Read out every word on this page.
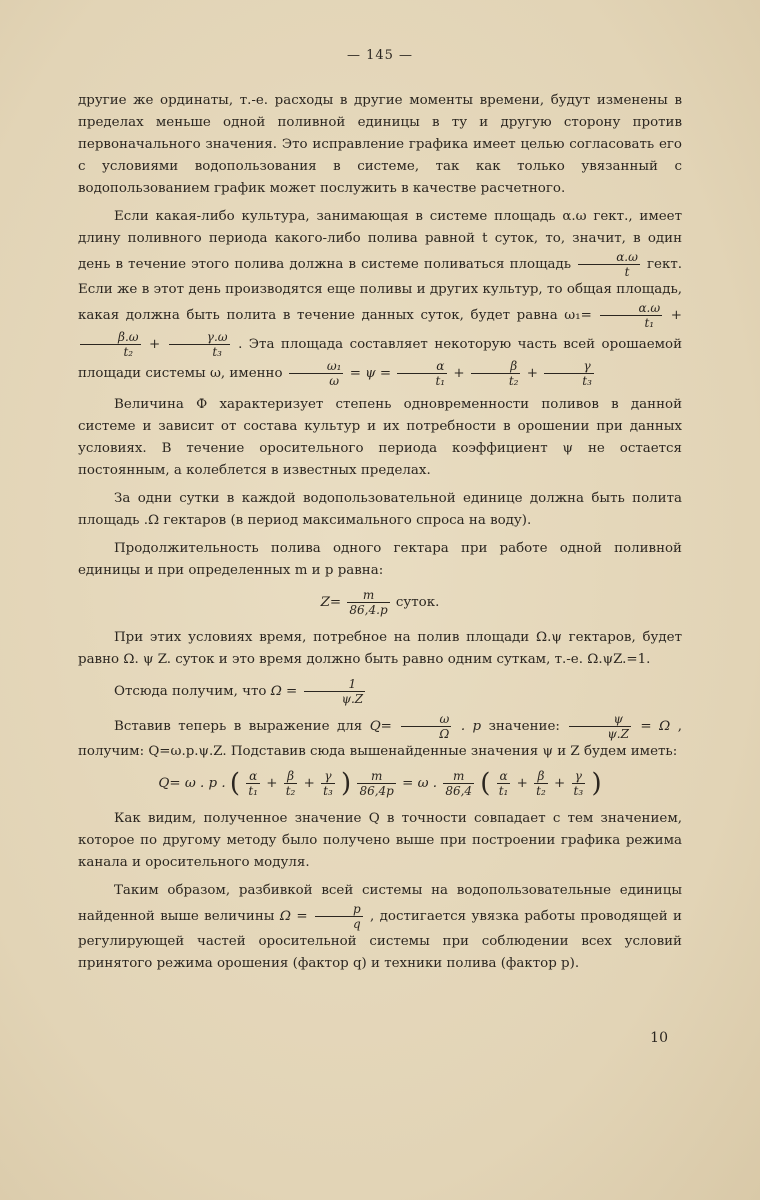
— 145 —

другие же ординаты, т.-е. расходы в другие моменты времени, будут изменены в пределах меньше одной поливной единицы в ту и другую сторону против первоначального значения. Это исправление графика имеет целью согласовать его с условиями водопользования в системе, так как только увязанный с водопользованием график может послужить в качестве расчетного.

Если какая-либо культура, занимающая в системе площадь α.ω гект., имеет длину поливного периода какого-либо полива равной t суток, то, значит, в один день в течение этого полива должна в системе поливаться площадь $\frac{\alpha.\omega}{t}$ гект. Если же в этот день производятся еще поливы и других культур, то общая площадь, какая должна быть полита в течение данных суток, будет равна $\omega_1= \frac{\alpha.\omega}{\text{t₁}}$ +
$\frac{\beta.\omega}{\text{t₂}} + \frac{\gamma.\omega}{\text{t₃}}$ . Эта площада составляет некоторую часть всей орошаемой площади системы ω, именно $\frac{\text{ω₁}}{\omega} = \psi = \frac{\alpha}{\text{t₁}} + \frac{\beta}{\text{t₂}} + \frac{\gamma}{\text{t₃}}$

Величина Ф характеризует степень одновременности поливов в данной системе и зависит от состава культур и их потребности в орошении при данных условиях. В течение оросительного периода коэффициент ψ не остается постоянным, а колеблется в известных пределах.

За одни сутки в каждой водопользовательной единице должна быть полита площадь .Ω гектаров (в период максимального спроса на воду).

Продолжительность полива одного гектара при работе одной поливной единицы и при определенных m и p равна:

$Z= \frac{m}{86,4.p}$ суток.

При этих условиях время, потребное на полив площади Ω.ψ гектаров, будет равно Ω. ψ Z. суток и это время должно быть равно одним суткам, т.-е. Ω.ψZ.=1.

Отсюда получим, что $\Omega = \frac{1}{\psi.Z}$

Вставив теперь в выражение для $Q= \frac{\omega}{\Omega}$ . p значение: $\frac{\psi}{\psi.Z} = \Omega$ , получим: Q=ω.p.ψ.Z. Подставив сюда вышенайденные значения ψ и Z будем иметь:

Q= ω . p . ( $\frac{\alpha}{\text{t₁}} + \frac{\beta}{\text{t₂}} + \frac{\gamma}{\text{t₃}}$ ) $\frac{m}{86,4p} = \omega$ . $\frac{m}{86,4}$ ( $\frac{\alpha}{\text{t₁}} + \frac{\beta}{\text{t₂}} + \frac{\gamma}{\text{t₃}}$ )

Как видим, полученное значение Q в точности совпадает с тем значением, которое по другому методу было получено выше при построении графика режима канала и оросительного модуля.

Таким образом, разбивкой всей системы на водопользовательные единицы найденной выше величины $\Omega = \frac{p}{q}$ , достигается увязка работы проводящей и регулирующей частей оросительной системы при соблюдении всех условий принятого режима орошения (фактор q) и техники полива (фактор p).

10
